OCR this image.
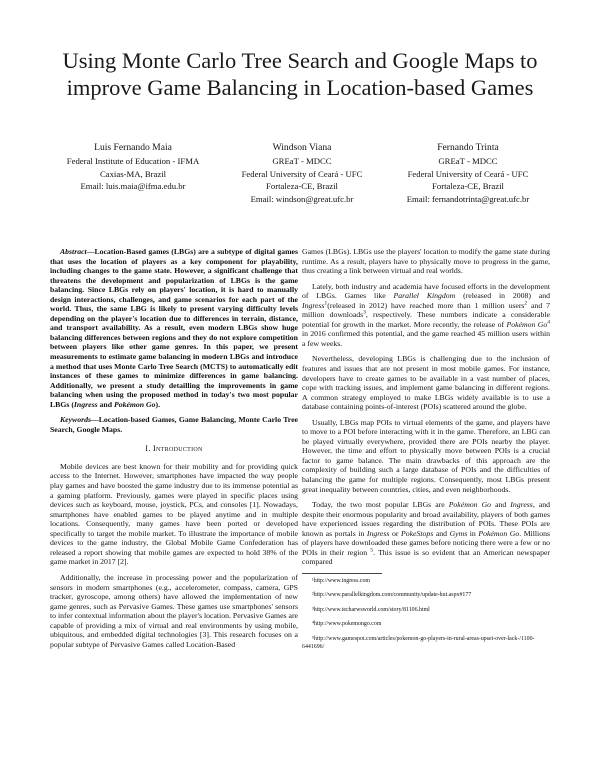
Using Monte Carlo Tree Search and Google Maps to improve Game Balancing in Location-based Games
Luis Fernando Maia
Federal Institute of Education - IFMA
Caxias-MA, Brazil
Email: luis.maia@ifma.edu.br
Windson Viana
GREaT - MDCC
Federal University of Ceará - UFC
Fortaleza-CE, Brazil
Email: windson@great.ufc.br
Fernando Trinta
GREaT - MDCC
Federal University of Ceará - UFC
Fortaleza-CE, Brazil
Email: fernandotrinta@great.ufc.br

Abstract—Location-Based games (LBGs) are a subtype of digital games that uses the location of players as a key component for playability, including changes to the game state. However, a significant challenge that threatens the development and popularization of LBGs is the game balancing. Since LBGs rely on players' location, it is hard to manually design interactions, challenges, and game scenarios for each part of the world. Thus, the same LBG is likely to present varying difficulty levels depending on the player's location due to differences in terrain, distance, and transport availability. As a result, even modern LBGs show huge balancing differences between regions and they do not explore competition between players like other game genres. In this paper, we present measurements to estimate game balancing in modern LBGs and introduce a method that uses Monte Carlo Tree Search (MCTS) to automatically edit instances of these games to minimize differences in game balancing. Additionally, we present a study detailling the improvements in game balancing when using the proposed method in today's two most popular LBGs (Ingress and Pokémon Go).

Keywords—Location-based Games, Game Balancing, Monte Carlo Tree Search, Google Maps.

I. Introduction

Mobile devices are best known for their mobility and for providing quick access to the Internet. However, smartphones have impacted the way people play games and have boosted the game industry due to its immense potential as a gaming platform. Previously, games were played in specific places using devices such as keyboard, mouse, joystick, PCs, and consoles [1]. Nowadays, smartphones have enabled games to be played anytime and in multiple locations. Consequently, many games have been ported or developed specifically to target the mobile market. To illustrate the importance of mobile devices to the game industry, the Global Mobile Game Confederation has released a report showing that mobile games are expected to hold 38% of the game market in 2017 [2].

Additionally, the increase in processing power and the popularization of sensors in modern smartphones (e.g., accelerometer, compass, camera, GPS tracker, gyroscope, among others) have allowed the implementation of new game genres, such as Pervasive Games. These games use smartphones' sensors to infer contextual information about the player's location. Pervasive Games are capable of providing a mix of virtual and real environments by using mobile, ubiquitous, and embedded digital technologies [3]. This research focuses on a popular subtype of Pervasive Games called Location-Based

Games (LBGs). LBGs use the players' location to modify the game state during runtime. As a result, players have to physically move to progress in the game, thus creating a link between virtual and real worlds.

Lately, both industry and academia have focused efforts in the development of LBGs. Games like Parallel Kingdom (released in 2008) and Ingress$^1$(released in 2012) have reached more than 1 million users$^2$ and 7 million downloads$^3$, respectively. These numbers indicate a considerable potential for growth in the market. More recently, the release of Pokémon Go$^4$ in 2016 confirmed this potential, and the game reached 45 million users within a few weeks.

Nevertheless, developing LBGs is challenging due to the inclusion of features and issues that are not present in most mobile games. For instance, developers have to create games to be available in a vast number of places, cope with tracking issues, and implement game balancing in different regions. A common strategy employed to make LBGs widely available is to use a database containing points-of-interest (POIs) scattered around the globe.

Usually, LBGs map POIs to virtual elements of the game, and players have to move to a POI before interacting with it in the game. Therefore, an LBG can be played virtually everywhere, provided there are POIs nearby the player. However, the time and effort to physically move between POIs is a crucial factor to game balance. The main drawbacks of this approach are the complexity of building such a large database of POIs and the difficulties of balancing the game for multiple regions. Consequently, most LBGs present great inequality between countries, cities, and even neighborhoods.

Today, the two most popular LBGs are Pokémon Go and Ingress, and despite their enormous popularity and broad availability, players of both games have experienced issues regarding the distribution of POIs. These POIs are known as portals in Ingress or PokeStops and Gyms in Pokémon Go. Millions of players have downloaded these games before noticing there were a few or no POIs in their region $^5$. This issue is so evident that an American newspaper compared

¹http://www.ingress.com

²http://www.parallelkingdom.com/community/update-hut.aspx#177

³http://www.techarwsworld.com/story/81106.html

⁴http://www.pokemongo.com

⁵http://www.gamespot.com/articles/pokemon-go-players-in-rural-areas-upset-over-lack-/1100-6441696/
